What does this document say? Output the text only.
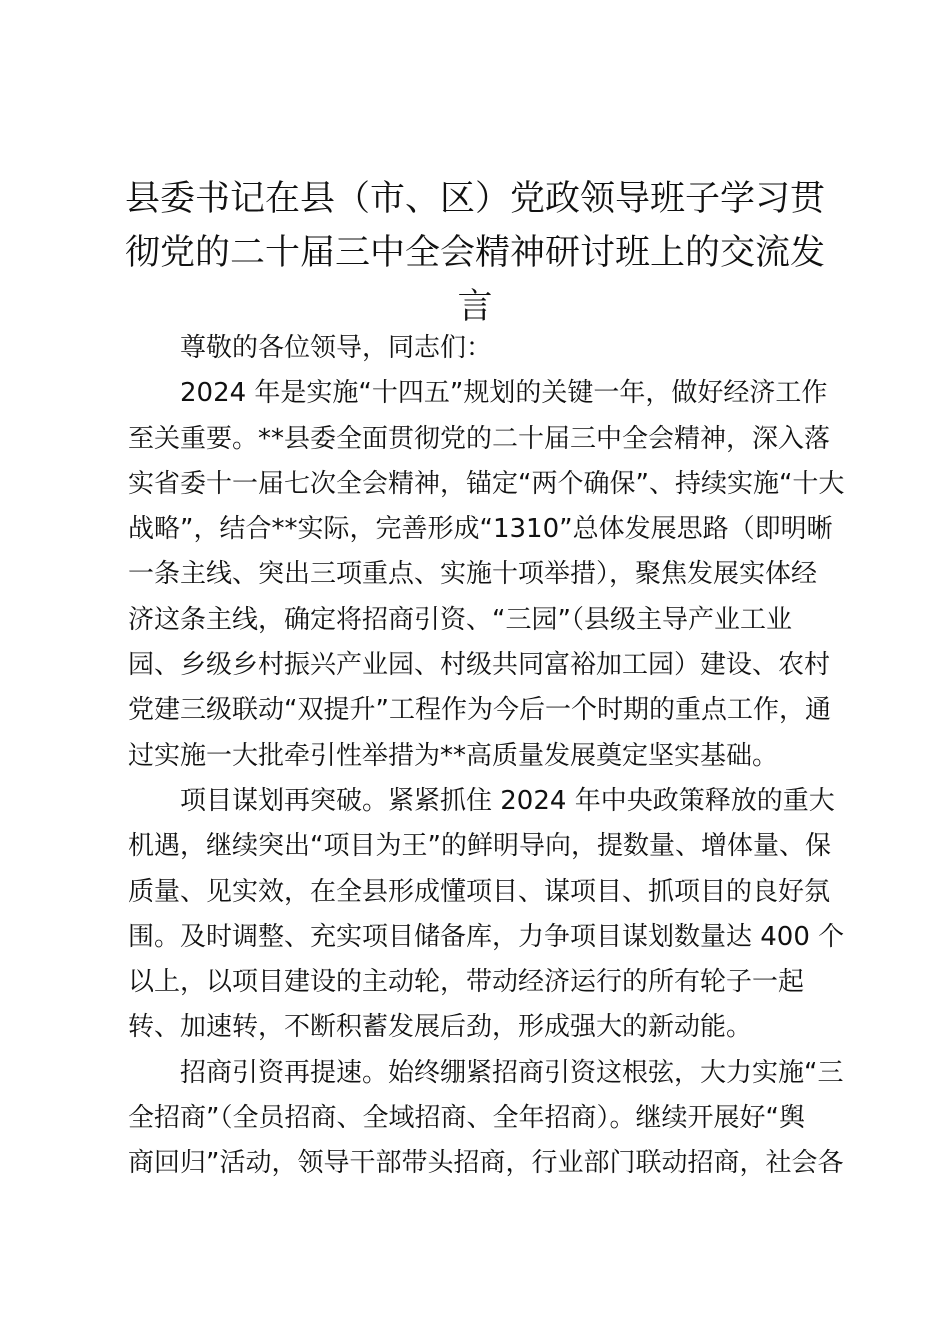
县委书记在县（市、区）党政领导班子学习贯
彻党的二十届三中全会精神研讨班上的交流发
言

尊敬的各位领导，同志们：

2024 年是实施“十四五”规划的关键一年，做好经济工作
至关重要。**县委全面贯彻党的二十届三中全会精神，深入落
实省委十一届七次全会精神，锚定“两个确保”、持续实施“十大
战略”，结合**实际，完善形成“1310”总体发展思路（即明晰
一条主线、突出三项重点、实施十项举措），聚焦发展实体经
济这条主线，确定将招商引资、“三园”（县级主导产业工业
园、乡级乡村振兴产业园、村级共同富裕加工园）建设、农村
党建三级联动“双提升”工程作为今后一个时期的重点工作，通
过实施一大批牵引性举措为**高质量发展奠定坚实基础。

项目谋划再突破。紧紧抓住 2024 年中央政策释放的重大
机遇，继续突出“项目为王”的鲜明导向，提数量、增体量、保
质量、见实效，在全县形成懂项目、谋项目、抓项目的良好氛
围。及时调整、充实项目储备库，力争项目谋划数量达 400 个
以上，以项目建设的主动轮，带动经济运行的所有轮子一起
转、加速转，不断积蓄发展后劲，形成强大的新动能。

招商引资再提速。始终绷紧招商引资这根弦，大力实施“三
全招商”（全员招商、全域招商、全年招商）。继续开展好“舆
商回归”活动，领导干部带头招商，行业部门联动招商，社会各
